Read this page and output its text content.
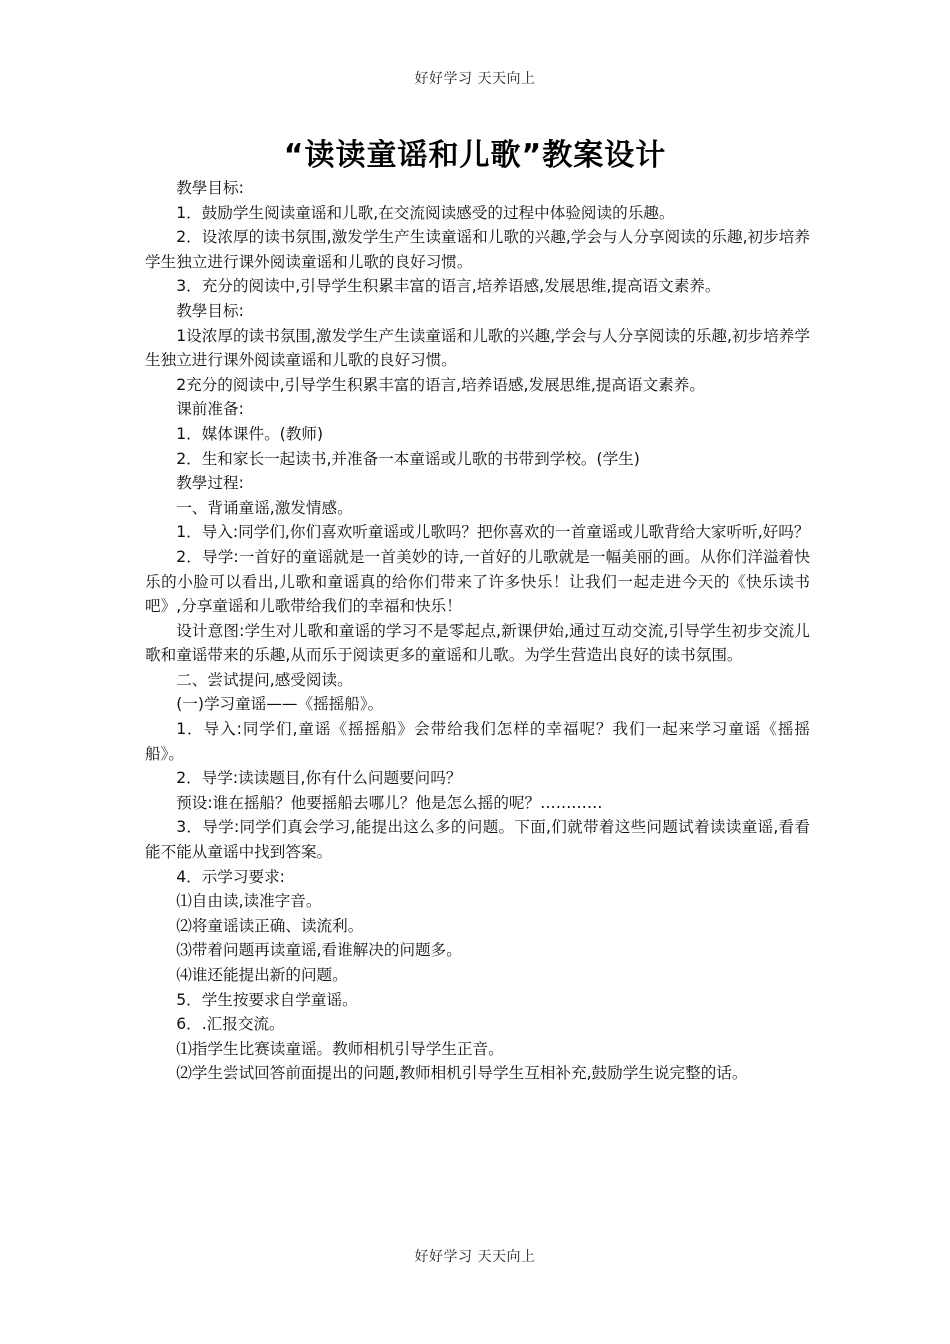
好好学习 天天向上
“读读童谣和儿歌”教案设计

教學目标:

1．鼓励学生阅读童谣和儿歌,在交流阅读感受的过程中体验阅读的乐趣。

2．设浓厚的读书氛围,激发学生产生读童谣和儿歌的兴趣,学会与人分享阅读的乐趣,初步培养学生独立进行课外阅读童谣和儿歌的良好习惯。

3．充分的阅读中,引导学生积累丰富的语言,培养语感,发展思维,提高语文素养。

教學目标:

1设浓厚的读书氛围,激发学生产生读童谣和儿歌的兴趣,学会与人分享阅读的乐趣,初步培养学生独立进行课外阅读童谣和儿歌的良好习惯。

2充分的阅读中,引导学生积累丰富的语言,培养语感,发展思维,提高语文素养。

课前准备:

1．媒体课件。(教师)

2．生和家长一起读书,并准备一本童谣或儿歌的书带到学校。(学生)

教學过程:

一、背诵童谣,激发情感。

1．导入:同学们,你们喜欢听童谣或儿歌吗？把你喜欢的一首童谣或儿歌背给大家听听,好吗？

2．导学:一首好的童谣就是一首美妙的诗,一首好的儿歌就是一幅美丽的画。从你们洋溢着快乐的小脸可以看出,儿歌和童谣真的给你们带来了许多快乐！让我们一起走进今天的《快乐读书吧》,分享童谣和儿歌带给我们的幸福和快乐！

设计意图:学生对儿歌和童谣的学习不是零起点,新课伊始,通过互动交流,引导学生初步交流儿歌和童谣带来的乐趣,从而乐于阅读更多的童谣和儿歌。为学生营造出良好的读书氛围。

二、尝试提问,感受阅读。

(一)学习童谣——《摇摇船》。

1．导入:同学们,童谣《摇摇船》会带给我们怎样的幸福呢？我们一起来学习童谣《摇摇船》。

2．导学:读读题目,你有什么问题要问吗？

预设:谁在摇船？他要摇船去哪儿？他是怎么摇的呢？…………

3．导学:同学们真会学习,能提出这么多的问题。下面,们就带着这些问题试着读读童谣,看看能不能从童谣中找到答案。

4．示学习要求:

⑴自由读,读准字音。

⑵将童谣读正确、读流利。

⑶带着问题再读童谣,看谁解决的问题多。

⑷谁还能提出新的问题。

5．学生按要求自学童谣。

6．.汇报交流。

⑴指学生比赛读童谣。教师相机引导学生正音。

⑵学生尝试回答前面提出的问题,教师相机引导学生互相补充,鼓励学生说完整的话。

好好学习 天天向上
